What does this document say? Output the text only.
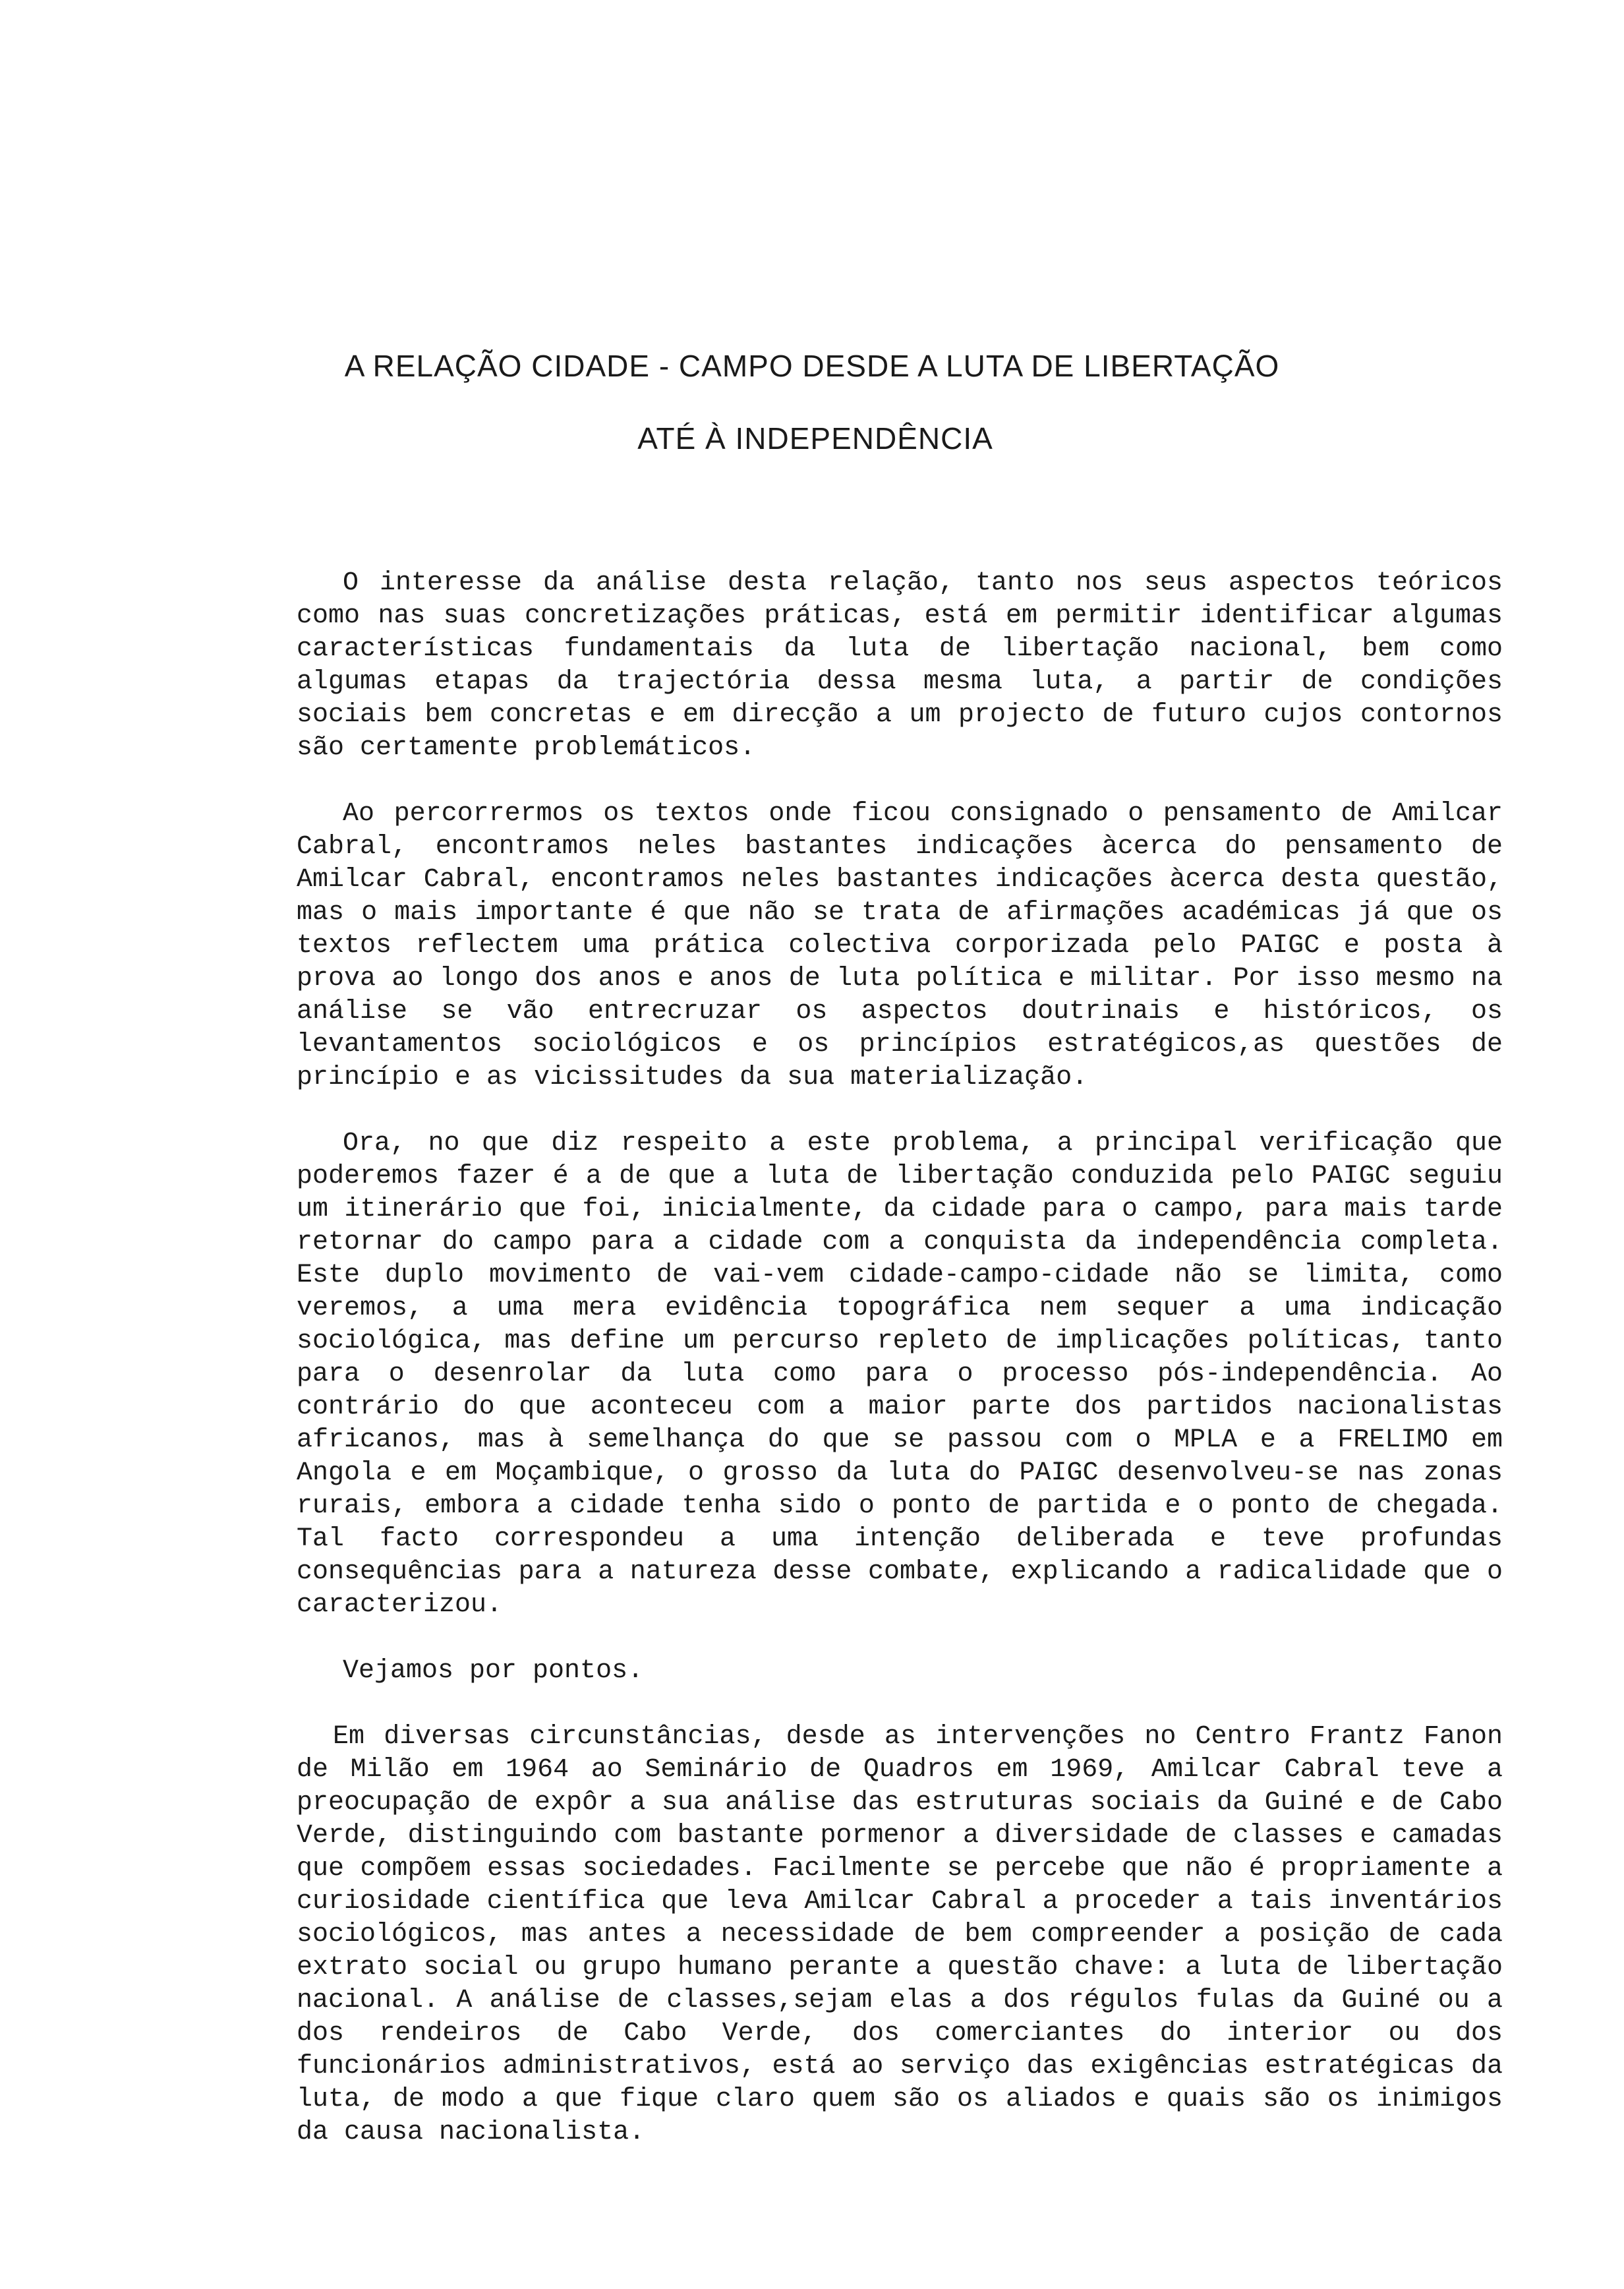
A RELAÇÃO CIDADE - CAMPO DESDE A LUTA DE LIBERTAÇÃO
ATÉ À INDEPENDÊNCIA

O interesse da análise desta relação, tanto nos seus aspectos teóricos como nas suas concretizações práticas, está em permitir identificar algumas características fundamentais da luta de libertação nacional, bem como algumas etapas da trajectória dessa mesma luta, a partir de condições sociais bem concretas e em direcção a um projecto de futuro cujos contornos são certamente problemáticos.

Ao percorrermos os textos onde ficou consignado o pensamento de Amilcar Cabral, encontramos neles bastantes indicações àcerca do pensamento de Amilcar Cabral, encontramos neles bastantes indicações àcerca desta questão, mas o mais importante é que não se trata de afirmações académicas já que os textos reflectem uma prática colectiva corporizada pelo PAIGC e posta à prova ao longo dos anos e anos de luta política e militar. Por isso mesmo na análise se vão entrecruzar os aspectos doutrinais e históricos, os levantamentos sociológicos e os princípios estratégicos,as questões de princípio e as vicissitudes da sua materialização.

Ora, no que diz respeito a este problema, a principal verificação que poderemos fazer é a de que a luta de libertação conduzida pelo PAIGC seguiu um itinerário que foi, inicialmente, da cidade para o campo, para mais tarde retornar do campo para a cidade com a conquista da independência completa. Este duplo movimento de vai-vem cidade-campo-cidade não se limita, como veremos, a uma mera evidência topográfica nem sequer a uma indicação sociológica, mas define um percurso repleto de implicações políticas, tanto para o desenrolar da luta como para o processo pós-independência. Ao contrário do que aconteceu com a maior parte dos partidos nacionalistas africanos, mas à semelhança do que se passou com o MPLA e a FRELIMO em Angola e em Moçambique, o grosso da luta do PAIGC desenvolveu-se nas zonas rurais, embora a cidade tenha sido o ponto de partida e o ponto de chegada. Tal facto correspondeu a uma intenção deliberada e teve profundas consequências para a natureza desse combate, explicando a radicalidade que o caracterizou.

Vejamos por pontos.

Em diversas circunstâncias, desde as intervenções no Centro Frantz Fanon de Milão em 1964 ao Seminário de Quadros em 1969, Amilcar Cabral teve a preocupação de expôr a sua análise das estruturas sociais da Guiné e de Cabo Verde, distinguindo com bastante pormenor a diversidade de classes e camadas que compõem essas sociedades. Facilmente se percebe que não é propriamente a curiosidade científica que leva Amilcar Cabral a proceder a tais inventários sociológicos, mas antes a necessidade de bem compreender a posição de cada extrato social ou grupo humano perante a questão chave: a luta de libertação nacional. A análise de classes,sejam elas a dos régulos fulas da Guiné ou a dos rendeiros de Cabo Verde, dos comerciantes do interior ou dos funcionários administrativos, está ao serviço das exigências estratégicas da luta, de modo a que fique claro quem são os aliados e quais são os inimigos da causa nacionalista.
